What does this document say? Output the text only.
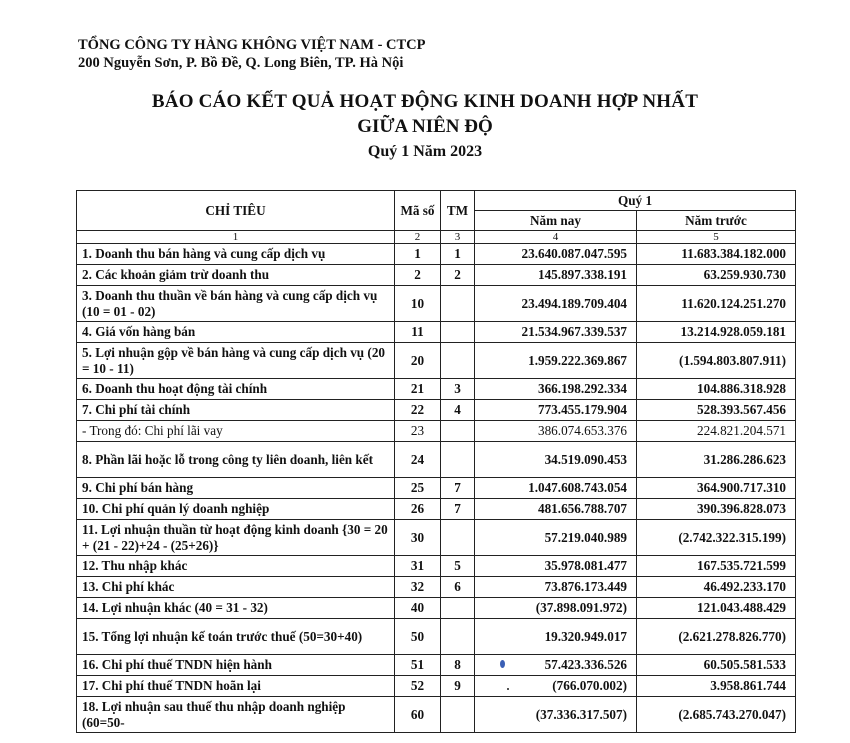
TỔNG CÔNG TY HÀNG KHÔNG VIỆT NAM - CTCP
200 Nguyễn Sơn, P. Bồ Đề, Q. Long Biên, TP. Hà Nội
BÁO CÁO KẾT QUẢ HOẠT ĐỘNG KINH DOANH HỢP NHẤT
GIỮA NIÊN ĐỘ
Quý 1 Năm 2023
CHỈ TIÊU	Mã số	TM	Quý 1	
			Năm nay	Năm trước
1	2	3	4	5
1. Doanh thu bán hàng và cung cấp dịch vụ	1	1	23.640.087.047.595	11.683.384.182.000
2. Các khoản giảm trừ doanh thu	2	2	145.897.338.191	63.259.930.730
3. Doanh thu thuần về bán hàng và cung cấp dịch vụ (10 = 01 - 02)	10		23.494.189.709.404	11.620.124.251.270
4. Giá vốn hàng bán	11		21.534.967.339.537	13.214.928.059.181
5. Lợi nhuận gộp về bán hàng và cung cấp dịch vụ (20 = 10 - 11)	20		1.959.222.369.867	(1.594.803.807.911)
6. Doanh thu hoạt động tài chính	21	3	366.198.292.334	104.886.318.928
7. Chi phí tài chính	22	4	773.455.179.904	528.393.567.456
- Trong đó: Chi phí lãi vay	23		386.074.653.376	224.821.204.571
8. Phần lãi hoặc lỗ trong công ty liên doanh, liên kết	24		34.519.090.453	31.286.286.623
9. Chi phí bán hàng	25	7	1.047.608.743.054	364.900.717.310
10. Chi phí quản lý doanh nghiệp	26	7	481.656.788.707	390.396.828.073
11. Lợi nhuận thuần từ hoạt động kinh doanh {30 = 20 + (21 - 22)+24 - (25+26)}	30		57.219.040.989	(2.742.322.315.199)
12. Thu nhập khác	31	5	35.978.081.477	167.535.721.599
13. Chi phí khác	32	6	73.876.173.449	46.492.233.170
14. Lợi nhuận khác (40 = 31 - 32)	40		(37.898.091.972)	121.043.488.429
15. Tổng lợi nhuận kế toán trước thuế (50=30+40)	50		19.320.949.017	(2.621.278.826.770)
16. Chi phí thuế TNDN hiện hành	51	8	57.423.336.526	60.505.581.533
17. Chi phí thuế TNDN hoãn lại	52	9	(766.070.002)	3.958.861.744
18. Lợi nhuận sau thuế thu nhập doanh nghiệp (60=50-	60		(37.336.317.507)	(2.685.743.270.047)
